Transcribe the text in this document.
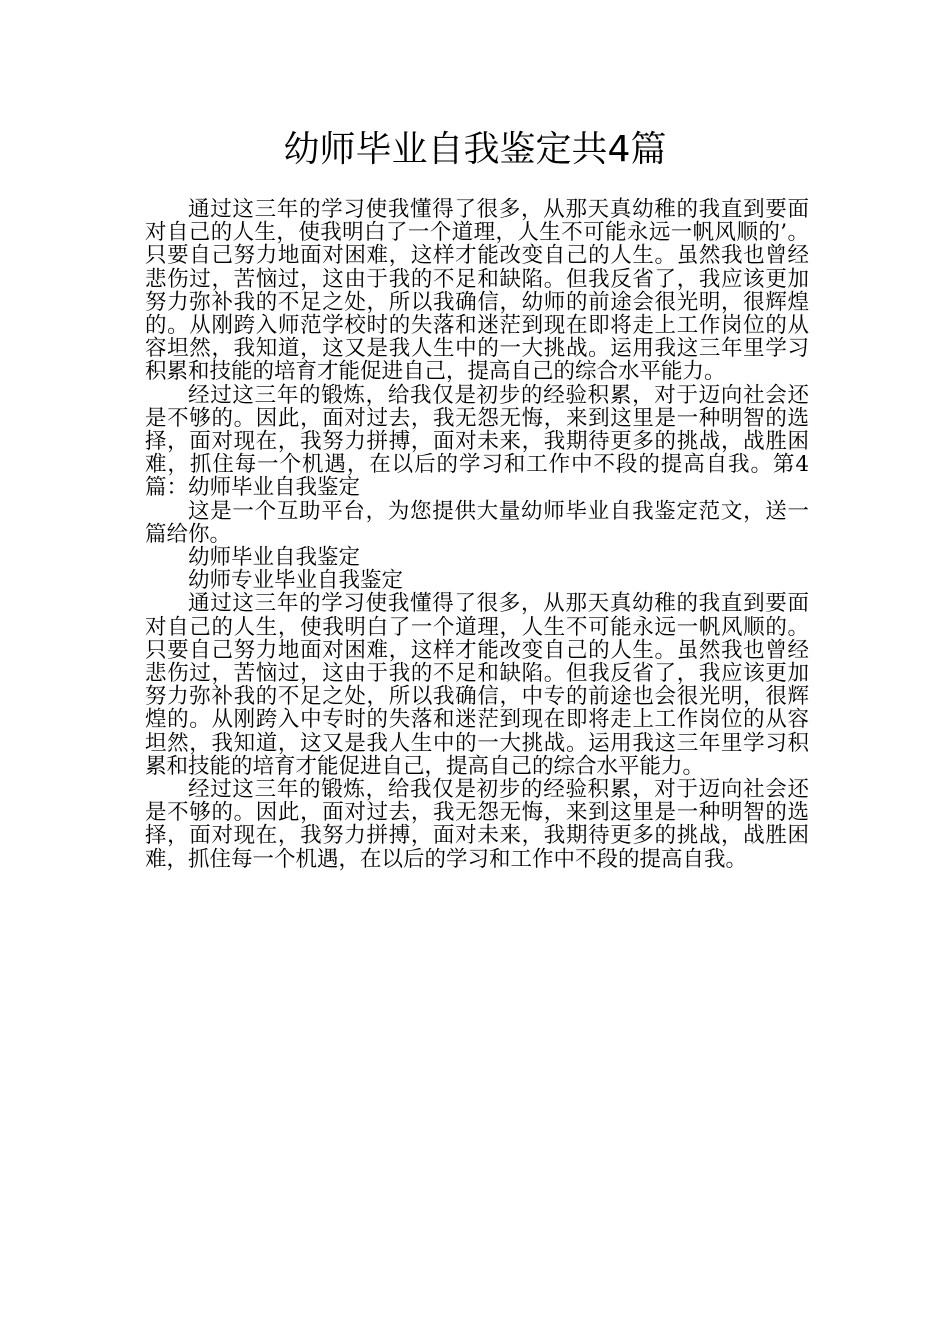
幼师毕业自我鉴定共4篇

通过这三年的学习使我懂得了很多，从那天真幼稚的我直到要面对自己的人生，使我明白了一个道理，人生不可能永远一帆风顺的’。只要自己努力地面对困难，这样才能改变自己的人生。虽然我也曾经悲伤过，苦恼过，这由于我的不足和缺陷。但我反省了，我应该更加努力弥补我的不足之处，所以我确信，幼师的前途会很光明，很辉煌的。从刚跨入师范学校时的失落和迷茫到现在即将走上工作岗位的从容坦然，我知道，这又是我人生中的一大挑战。运用我这三年里学习积累和技能的培育才能促进自己，提高自己的综合水平能力。

经过这三年的锻炼，给我仅是初步的经验积累，对于迈向社会还是不够的。因此，面对过去，我无怨无悔，来到这里是一种明智的选择，面对现在，我努力拼搏，面对未来，我期待更多的挑战，战胜困难，抓住每一个机遇，在以后的学习和工作中不段的提高自我。第4篇：幼师毕业自我鉴定

这是一个互助平台，为您提供大量幼师毕业自我鉴定范文，送一篇给你。

幼师毕业自我鉴定

幼师专业毕业自我鉴定

通过这三年的学习使我懂得了很多，从那天真幼稚的我直到要面对自己的人生，使我明白了一个道理，人生不可能永远一帆风顺的。只要自己努力地面对困难，这样才能改变自己的人生。虽然我也曾经悲伤过，苦恼过，这由于我的不足和缺陷。但我反省了，我应该更加努力弥补我的不足之处，所以我确信，中专的前途也会很光明，很辉煌的。从刚跨入中专时的失落和迷茫到现在即将走上工作岗位的从容坦然，我知道，这又是我人生中的一大挑战。运用我这三年里学习积累和技能的培育才能促进自己，提高自己的综合水平能力。

经过这三年的锻炼，给我仅是初步的经验积累，对于迈向社会还是不够的。因此，面对过去，我无怨无悔，来到这里是一种明智的选择，面对现在，我努力拼搏，面对未来，我期待更多的挑战，战胜困难，抓住每一个机遇，在以后的学习和工作中不段的提高自我。
